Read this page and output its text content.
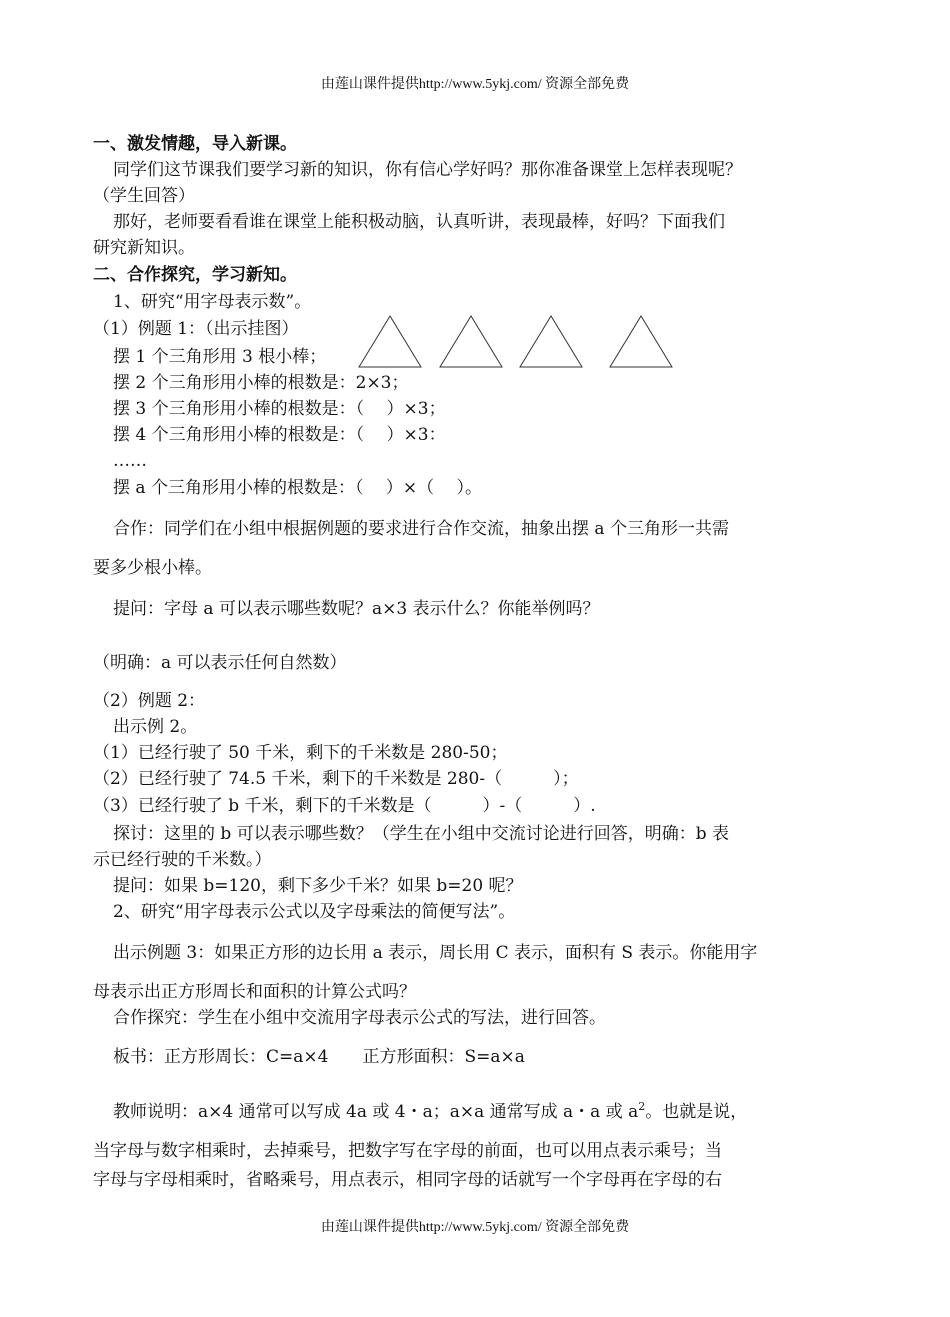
由莲山课件提供http://www.5ykj.com/ 资源全部免费
一、激发情趣，导入新课。
同学们这节课我们要学习新的知识，你有信心学好吗？那你准备课堂上怎样表现呢？
（学生回答）
那好，老师要看看谁在课堂上能积极动脑，认真听讲，表现最棒，好吗？下面我们
研究新知识。
二、合作探究，学习新知。
1、研究“用字母表示数”。
（1）例题 1：（出示挂图）
摆 1 个三角形用 3 根小棒；
摆 2 个三角形用小棒的根数是：2×3；
摆 3 个三角形用小棒的根数是：（　 ）×3；
摆 4 个三角形用小棒的根数是：（　 ）×3：
……
摆 a 个三角形用小棒的根数是：（　 ）×（　 ）。
合作：同学们在小组中根据例题的要求进行合作交流，抽象出摆 a 个三角形一共需
要多少根小棒。
提问：字母 a 可以表示哪些数呢？a×3 表示什么？你能举例吗？
（明确：a 可以表示任何自然数）
（2）例题 2：
出示例 2。
（1）已经行驶了 50 千米，剩下的千米数是 280-50；
（2）已经行驶了 74.5 千米，剩下的千米数是 280-（　　　）；
（3）已经行驶了 b 千米，剩下的千米数是（　　　）-（　　　）.
探讨：这里的 b 可以表示哪些数？（学生在小组中交流讨论进行回答，明确：b 表
示已经行驶的千米数。）
提问：如果 b=120，剩下多少千米？如果 b=20 呢？
2、研究“用字母表示公式以及字母乘法的简便写法”。
出示例题 3：如果正方形的边长用 a 表示，周长用 C 表示，面积有 S 表示。你能用字
母表示出正方形周长和面积的计算公式吗？
合作探究：学生在小组中交流用字母表示公式的写法，进行回答。
板书：正方形周长：C=a×4　　正方形面积：S=a×a
教师说明：a×4 通常可以写成 4a 或 4・a；a×a 通常写成 a・a 或 $a^2$。也就是说，
当字母与数字相乘时，去掉乘号，把数字写在字母的前面，也可以用点表示乘号；当
字母与字母相乘时，省略乘号，用点表示，相同字母的话就写一个字母再在字母的右
由莲山课件提供http://www.5ykj.com/ 资源全部免费
